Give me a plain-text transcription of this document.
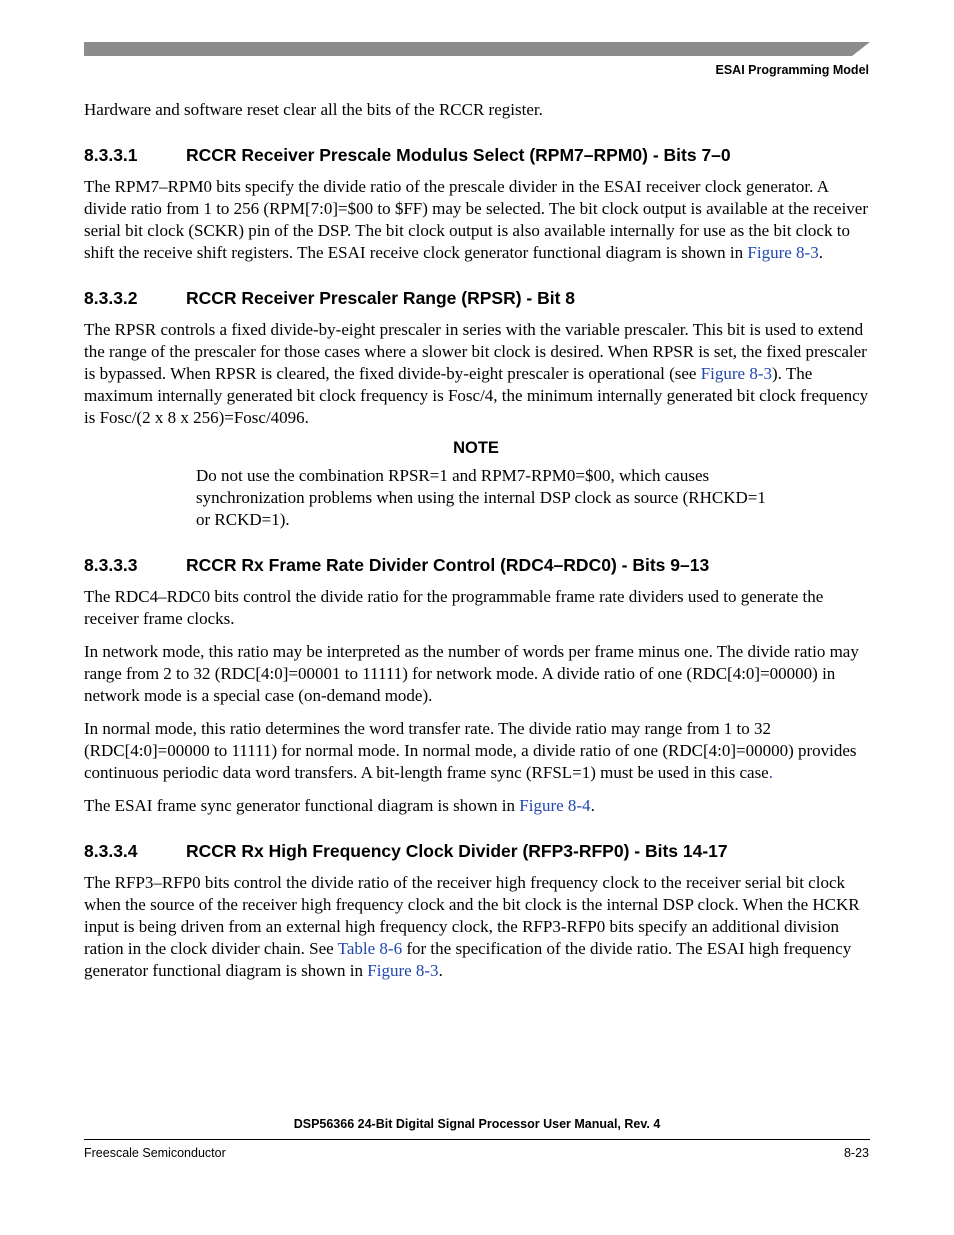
ESAI Programming Model

Hardware and software reset clear all the bits of the RCCR register.

8.3.3.1	RCCR Receiver Prescale Modulus Select (RPM7–RPM0) - Bits 7–0

The RPM7–RPM0 bits specify the divide ratio of the prescale divider in the ESAI receiver clock generator. A divide ratio from 1 to 256 (RPM[7:0]=$00 to $FF) may be selected. The bit clock output is available at the receiver serial bit clock (SCKR) pin of the DSP. The bit clock output is also available internally for use as the bit clock to shift the receive shift registers. The ESAI receive clock generator functional diagram is shown in Figure 8-3.

8.3.3.2	RCCR Receiver Prescaler Range (RPSR) - Bit 8

The RPSR controls a fixed divide-by-eight prescaler in series with the variable prescaler. This bit is used to extend the range of the prescaler for those cases where a slower bit clock is desired. When RPSR is set, the fixed prescaler is bypassed. When RPSR is cleared, the fixed divide-by-eight prescaler is operational (see Figure 8-3). The maximum internally generated bit clock frequency is Fosc/4, the minimum internally generated bit clock frequency is Fosc/(2 x 8 x 256)=Fosc/4096.

NOTE
Do not use the combination RPSR=1 and RPM7-RPM0=$00, which causes synchronization problems when using the internal DSP clock as source (RHCKD=1 or RCKD=1).
8.3.3.3	RCCR Rx Frame Rate Divider Control (RDC4–RDC0) - Bits 9–13

The RDC4–RDC0 bits control the divide ratio for the programmable frame rate dividers used to generate the receiver frame clocks.

In network mode, this ratio may be interpreted as the number of words per frame minus one. The divide ratio may range from 2 to 32 (RDC[4:0]=00001 to 11111) for network mode. A divide ratio of one (RDC[4:0]=00000) in network mode is a special case (on-demand mode).

In normal mode, this ratio determines the word transfer rate. The divide ratio may range from 1 to 32 (RDC[4:0]=00000 to 11111) for normal mode. In normal mode, a divide ratio of one (RDC[4:0]=00000) provides continuous periodic data word transfers. A bit-length frame sync (RFSL=1) must be used in this case.

The ESAI frame sync generator functional diagram is shown in Figure 8-4.

8.3.3.4	RCCR Rx High Frequency Clock Divider (RFP3-RFP0) - Bits 14-17

The RFP3–RFP0 bits control the divide ratio of the receiver high frequency clock to the receiver serial bit clock when the source of the receiver high frequency clock and the bit clock is the internal DSP clock. When the HCKR input is being driven from an external high frequency clock, the RFP3-RFP0 bits specify an additional division ration in the clock divider chain. See Table 8-6 for the specification of the divide ratio. The ESAI high frequency generator functional diagram is shown in Figure 8-3.

DSP56366 24-Bit Digital Signal Processor User Manual, Rev. 4
Freescale Semiconductor	8-23
